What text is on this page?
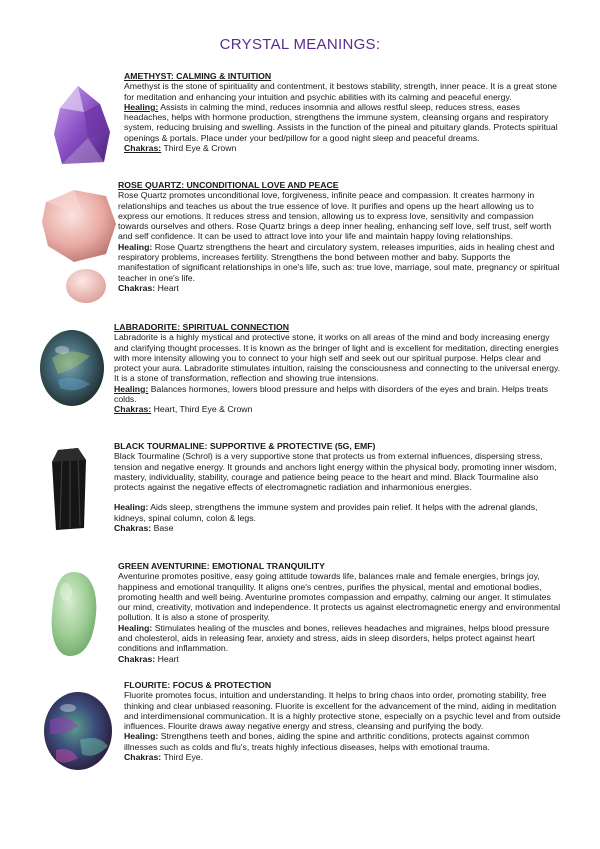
CRYSTAL MEANINGS:

AMETHYST: CALMING & INTUITION

Amethyst is the stone of spirituality and contentment, it bestows stability, strength, inner peace. It is a great stone for meditation and enhancing your intuition and psychic abilities with its calming and peaceful energy.

Healing: Assists in calming the mind, reduces insomnia and allows restful sleep, reduces stress, eases headaches, helps with hormone production, strengthens the immune system, cleansing organs and respiratory system, reducing bruising and swelling. Assists in the function of the pineal and pituitary glands. Protects spiritual openings & portals. Place under your bed/pillow for a good night sleep and peaceful dreams.

Chakras: Third Eye & Crown

ROSE QUARTZ: UNCONDITIONAL LOVE AND PEACE

Rose Quartz promotes unconditional love, forgiveness, infinite peace and compassion. It creates harmony in relationships and teaches us about the true essence of love. It purifies and opens up the heart allowing us to express our emotions. It reduces stress and tension, allowing us to express love, sensitivity and compassion towards ourselves and others. Rose Quartz brings a deep inner healing, enhancing self love, self trust, self worth and self confidence. It can be used to attract love into your life and maintain happy loving relationships.

Healing: Rose Quartz strengthens the heart and circulatory system, releases impurities, aids in healing chest and respiratory problems, increases fertility. Strengthens the bond between mother and baby. Supports the manifestation of significant relationships in one's life, such as: true love, marriage, soul mate, pregnancy or spiritual teacher in one's life.

Chakras: Heart

LABRADORITE: SPIRITUAL CONNECTION

Labradorite is a highly mystical and protective stone, it works on all areas of the mind and body increasing energy and clarifying thought processes. It is known as the bringer of light and is excellent for meditation, directing energies with more intensity allowing you to connect to your high self and seek out our spiritual purpose. Helps clear and protect your aura. Labradorite stimulates intuition, raising the consciousness and connecting to the universal energy. It is a stone of transformation, reflection and showing true intensions.

Healing: Balances hormones, lowers blood pressure and helps with disorders of the eyes and brain. Helps treats colds.

Chakras: Heart, Third Eye & Crown

BLACK TOURMALINE: SUPPORTIVE & PROTECTIVE (5G, EMF)

Black Tourmaline (Schrol) is a very supportive stone that protects us from external influences, dispersing stress, tension and negative energy. It grounds and anchors light energy within the physical body, promoting inner wisdom, mastery, individuality, stability, courage and patience being peace to the heart and mind. Black Tourmaline also protects against the negative effects of electromagnetic radiation and inharmonious energies.

Healing: Aids sleep, strengthens the immune system and provides pain relief. It helps with the adrenal glands, kidneys, spinal column, colon & legs.

Chakras: Base

GREEN AVENTURINE: EMOTIONAL TRANQUILITY

Aventurine promotes positive, easy going attitude towards life, balances male and female energies, brings joy, happiness and emotional tranquility. It aligns one's centres, purifies the physical, mental and emotional bodies, promoting health and well being. Aventurine promotes compassion and empathy, calming our anger. It stimulates our mind, creativity, motivation and independence. It protects us against electromagnetic energy and environmental pollution. It is also a stone of prosperity.

Healing: Stimulates healing of the muscles and bones, relieves headaches and migraines, helps blood pressure and cholesterol, aids in releasing fear, anxiety and stress, aids in sleep disorders, helps protect against heart conditions and inflammation.

Chakras: Heart

FLOURITE: FOCUS & PROTECTION

Fluorite promotes focus, intuition and understanding. It helps to bring chaos into order, promoting stability, free thinking and clear unbiased reasoning. Fluorite is excellent for the advancement of the mind, aiding in meditation and interdimensional communication. It is a highly protective stone, especially on a psychic level and from outside influences. Flourite draws away negative energy and stress, cleansing and purifying the body.

Healing: Strengthens teeth and bones, aiding the spine and arthritic conditions, protects against common illnesses such as colds and flu's, treats highly infectious diseases, helps with emotional trauma.

Chakras: Third Eye.
